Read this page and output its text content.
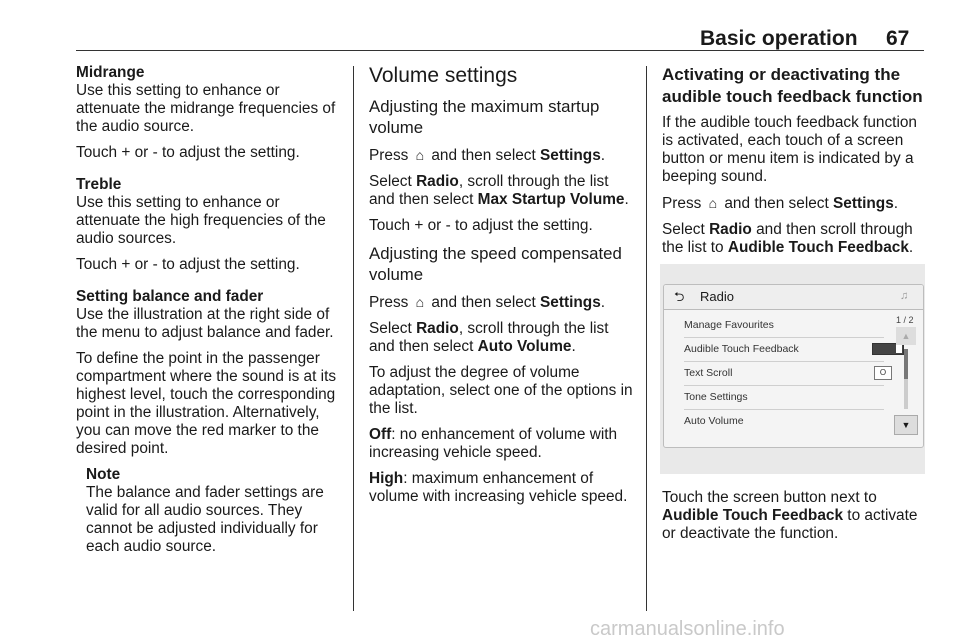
Basic operation 67

Midrange
Use this setting to enhance or attenuate the midrange frequencies of the audio source.

Touch + or - to adjust the setting.

Treble
Use this setting to enhance or attenuate the high frequencies of the audio sources.

Touch + or - to adjust the setting.

Setting balance and fader
Use the illustration at the right side of the menu to adjust balance and fader.

To define the point in the passenger compartment where the sound is at its highest level, touch the corresponding point in the illustration. Alternatively, you can move the red marker to the desired point.

Note
The balance and fader settings are valid for all audio sources. They cannot be adjusted individually for each audio source.
Volume settings
Adjusting the maximum startup volume

Press ⌂ and then select Settings.

Select Radio, scroll through the list and then select Max Startup Volume.

Touch + or - to adjust the setting.

Adjusting the speed compensated volume

Press ⌂ and then select Settings.

Select Radio, scroll through the list and then select Auto Volume.

To adjust the degree of volume adaptation, select one of the options in the list.

Off: no enhancement of volume with increasing vehicle speed.

High: maximum enhancement of volume with increasing vehicle speed.

Activating or deactivating the audible touch feedback function

If the audible touch feedback function is activated, each touch of a screen button or menu item is indicated by a beeping sound.

Press ⌂ and then select Settings.

Select Radio and then scroll through the list to Audible Touch Feedback.

Touch the screen button next to Audible Touch Feedback to activate or deactivate the function.

⮌ Radio	♫
Manage Favourites
Audible Touch Feedback
Text Scroll	O
Tone Settings
Auto Volume
1 / 2
▲
▼
carmanualsonline.info
